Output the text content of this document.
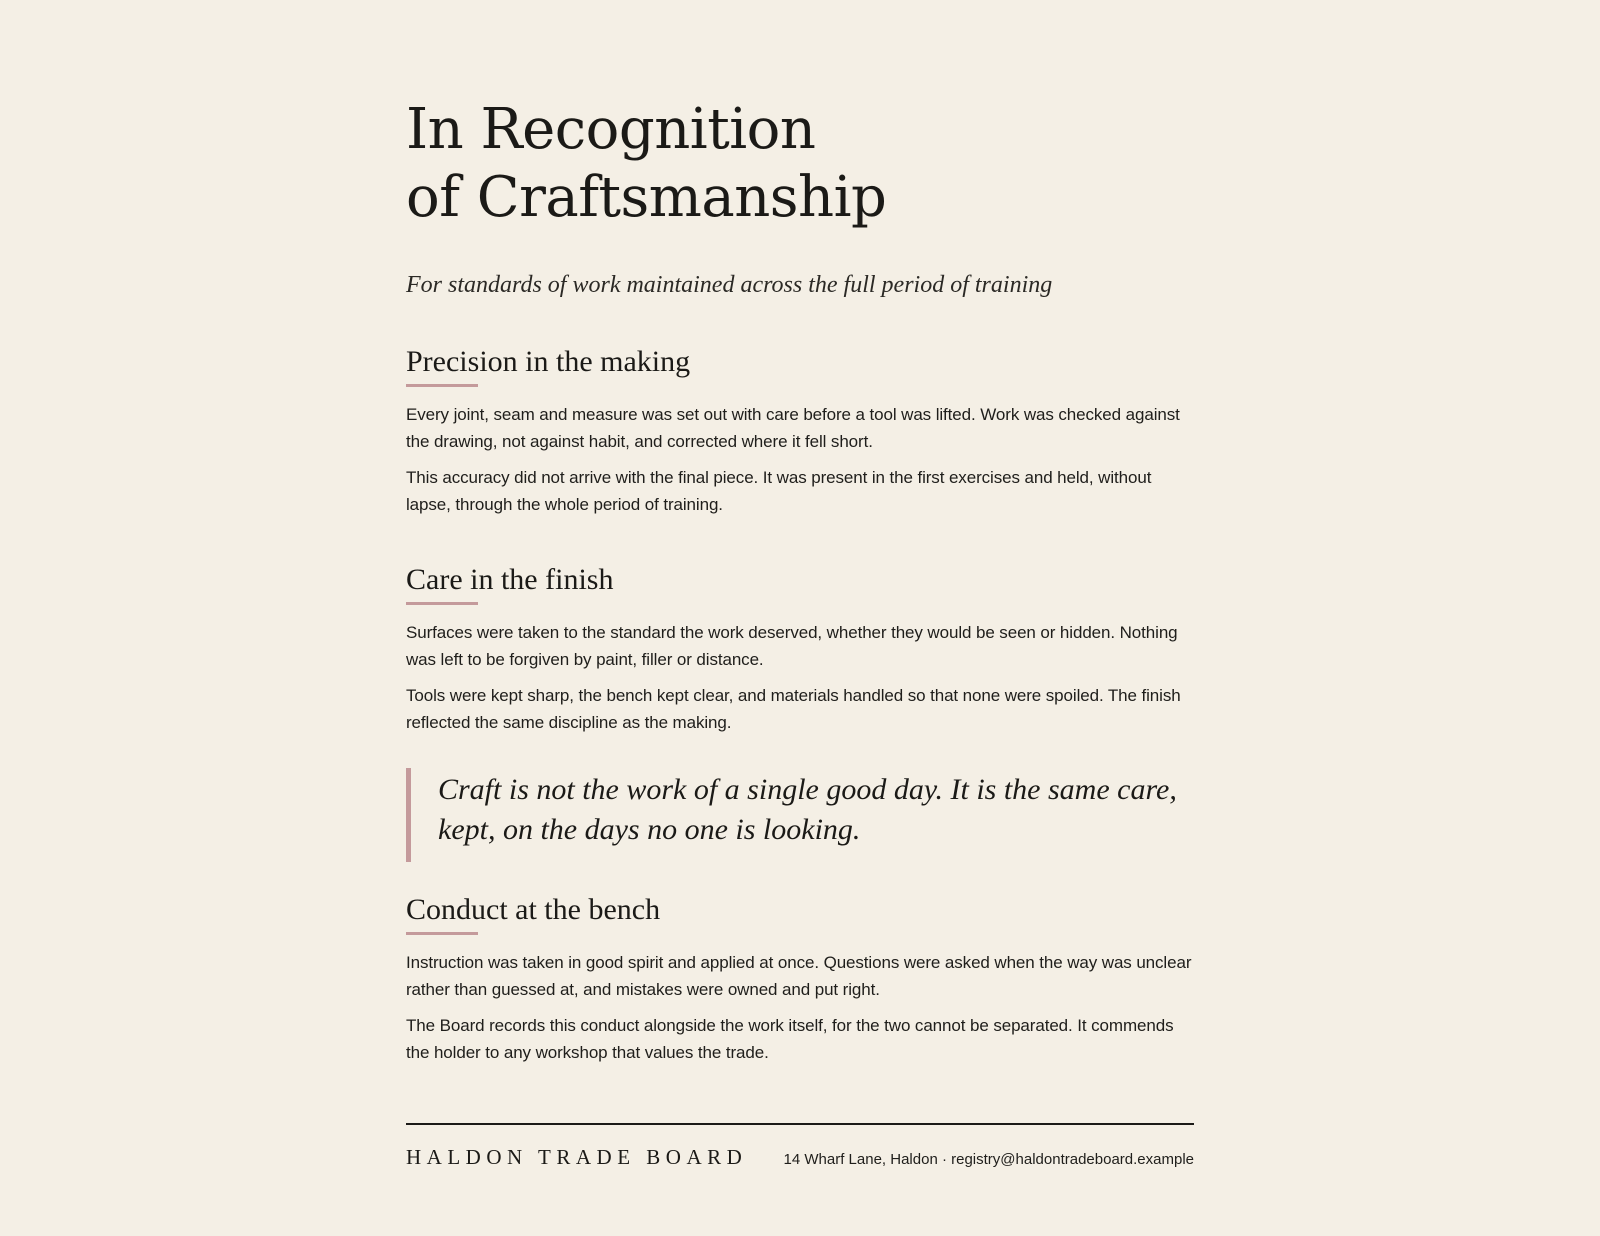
In Recognition
of Craftsmanship

For standards of work maintained across the full period of training

Precision in the making

Every joint, seam and measure was set out with care before a tool was lifted. Work was checked against the drawing, not against habit, and corrected where it fell short.

This accuracy did not arrive with the final piece. It was present in the first exercises and held, without lapse, through the whole period of training.

Care in the finish

Surfaces were taken to the standard the work deserved, whether they would be seen or hidden. Nothing was left to be forgiven by paint, filler or distance.

Tools were kept sharp, the bench kept clear, and materials handled so that none were spoiled. The finish reflected the same discipline as the making.

Craft is not the work of a single good day. It is the same care, kept, on the days no one is looking.

Conduct at the bench

Instruction was taken in good spirit and applied at once. Questions were asked when the way was unclear rather than guessed at, and mistakes were owned and put right.

The Board records this conduct alongside the work itself, for the two cannot be separated. It commends the holder to any workshop that values the trade.

HALDON TRADE BOARD 14 Wharf Lane, Haldon · registry@haldontradeboard.example
